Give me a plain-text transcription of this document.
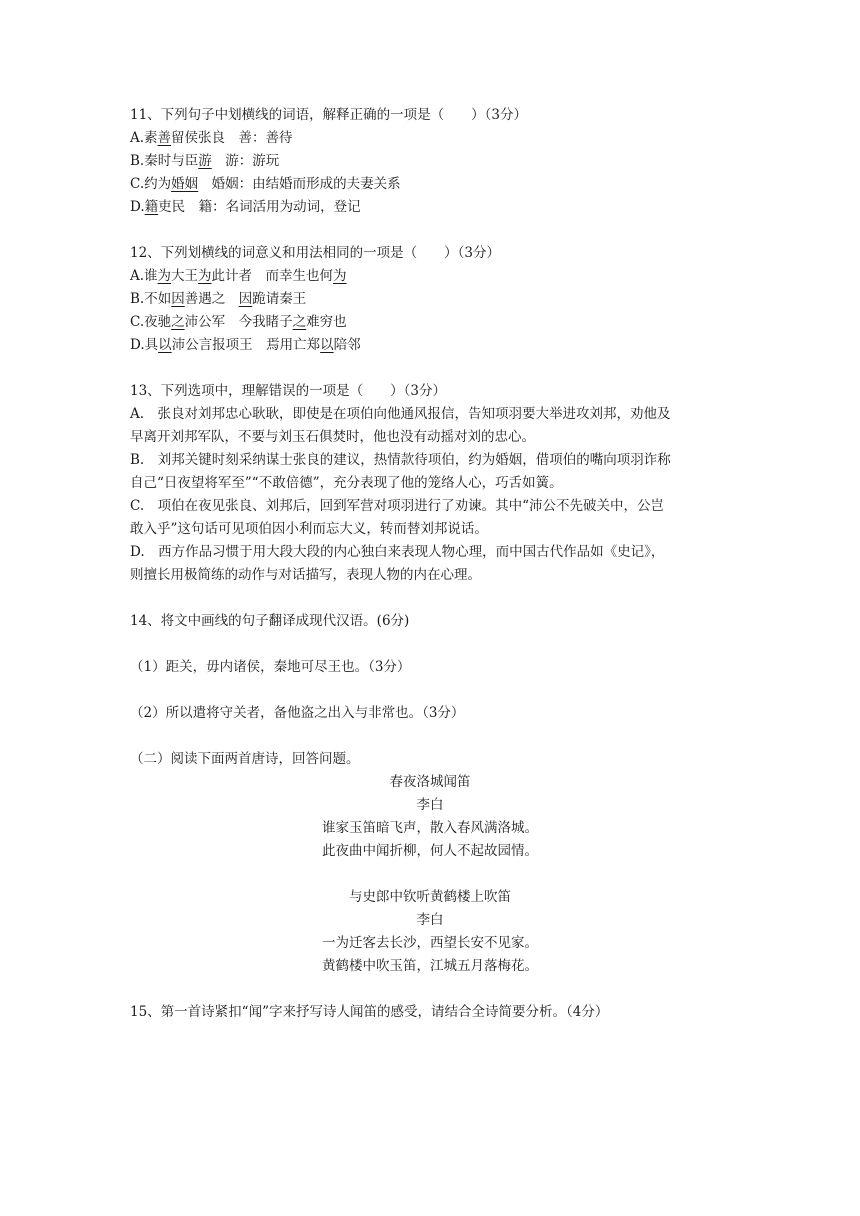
11、下列句子中划横线的词语，解释正确的一项是（　　）（3分）
A.素善留侯张良　善：善待
B.秦时与臣游　游：游玩
C.约为婚姻　婚姻：由结婚而形成的夫妻关系
D.籍吏民　籍：名词活用为动词，登记
12、下列划横线的词意义和用法相同的一项是（　　）（3分）
A.谁为大王为此计者　而幸生也何为
B.不如因善遇之　因跪请秦王
C.夜驰之沛公军　今我睹子之难穷也
D.具以沛公言报项王　焉用亡郑以陪邻
13、下列选项中，理解错误的一项是（　　）（3分）
A.　张良对刘邦忠心耿耿，即使是在项伯向他通风报信，告知项羽要大举进攻刘邦，劝他及
早离开刘邦军队，不要与刘玉石俱焚时，他也没有动摇对刘的忠心。
B.　刘邦关键时刻采纳谋士张良的建议，热情款待项伯，约为婚姻，借项伯的嘴向项羽诈称
自己“日夜望将军至”“不敢倍德”，充分表现了他的笼络人心，巧舌如簧。
C.　项伯在夜见张良、刘邦后，回到军营对项羽进行了劝谏。其中“沛公不先破关中，公岂
敢入乎”这句话可见项伯因小利而忘大义，转而替刘邦说话。
D.　西方作品习惯于用大段大段的内心独白来表现人物心理，而中国古代作品如《史记》，
则擅长用极简练的动作与对话描写，表现人物的内在心理。
14、将文中画线的句子翻译成现代汉语。(6分)
（1）距关，毋内诸侯，秦地可尽王也。（3分）
（2）所以遣将守关者，备他盗之出入与非常也。（3分）
（二）阅读下面两首唐诗，回答问题。
春夜洛城闻笛
李白
谁家玉笛暗飞声，散入春风满洛城。
此夜曲中闻折柳，何人不起故园情。
与史郎中钦听黄鹤楼上吹笛
李白
一为迁客去长沙，西望长安不见家。
黄鹤楼中吹玉笛，江城五月落梅花。
15、第一首诗紧扣“闻”字来抒写诗人闻笛的感受，请结合全诗简要分析。（4分）
